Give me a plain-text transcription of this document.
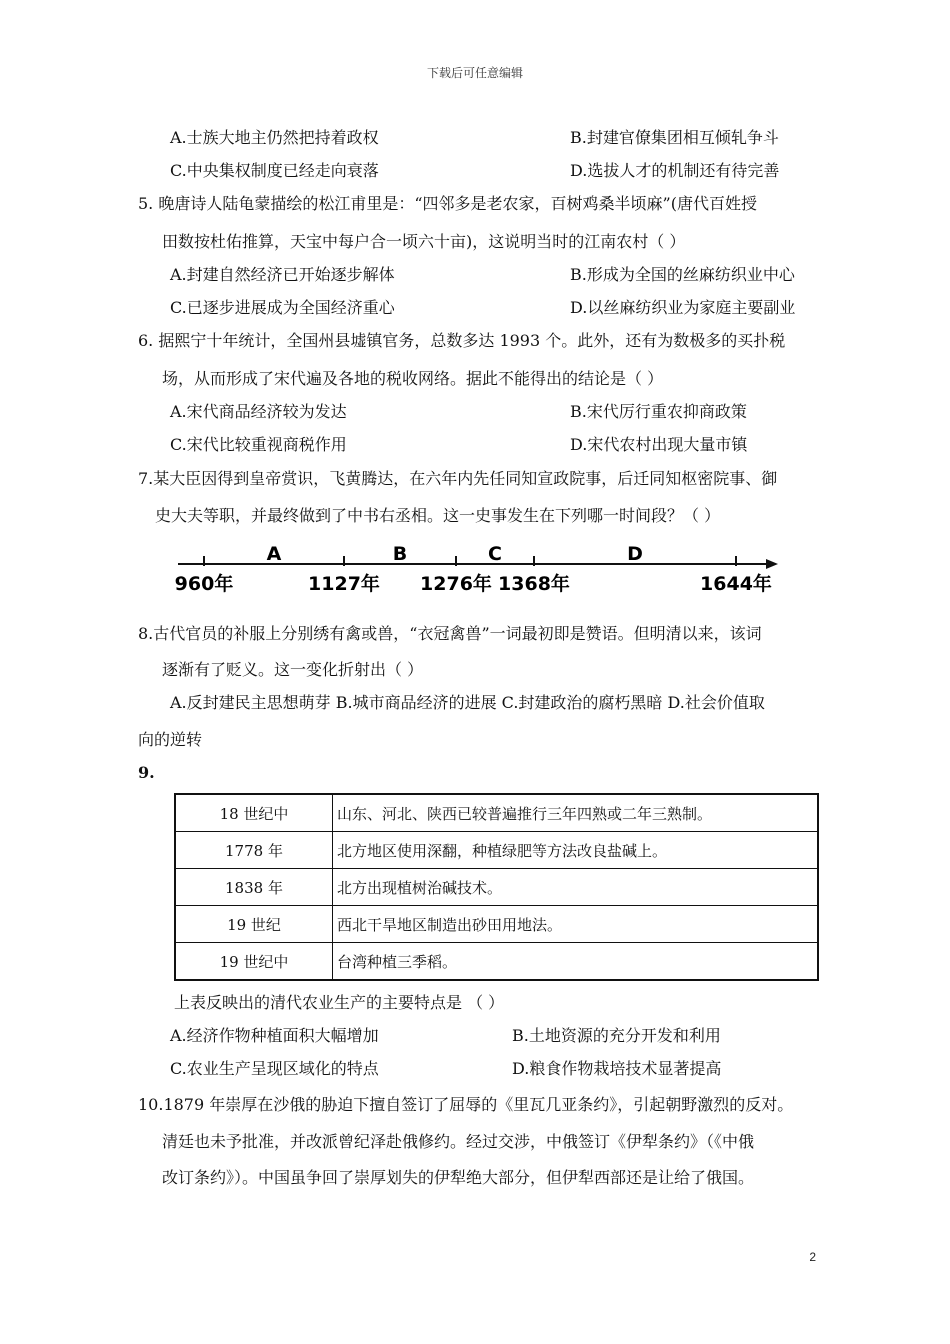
下载后可任意编辑
A.士族大地主仍然把持着政权	B.封建官僚集团相互倾轧争斗
C.中央集权制度已经走向衰落	D.选拔人才的机制还有待完善
5. 晚唐诗人陆龟蒙描绘的松江甫里是：“四邻多是老农家，百树鸡桑半顷麻”(唐代百姓授
田数按杜佑推算，天宝中每户合一顷六十亩)，这说明当时的江南农村（ ）
A.封建自然经济已开始逐步解体	B.形成为全国的丝麻纺织业中心
C.已逐步进展成为全国经济重心	D.以丝麻纺织业为家庭主要副业
6. 据熙宁十年统计，全国州县墟镇官务，总数多达 1993 个。此外，还有为数极多的买扑税
场，从而形成了宋代遍及各地的税收网络。据此不能得出的结论是（ ）
A.宋代商品经济较为发达	B.宋代厉行重农抑商政策
C.宋代比较重视商税作用	D.宋代农村出现大量市镇
7.某大臣因得到皇帝赏识，飞黄腾达，在六年内先任同知宣政院事，后迁同知枢密院事、御
史大夫等职，并最终做到了中书右丞相。这一史事发生在下列哪一时间段？（ ）
960年	1127年 1276年 1368年	1644年
A	B	C	D
8.古代官员的补服上分别绣有禽或兽，“衣冠禽兽”一词最初即是赞语。但明清以来，该词
逐渐有了贬义。这一变化折射出（ ）
A.反封建民主思想萌芽 B.城市商品经济的进展 C.封建政治的腐朽黑暗 D.社会价值取
向的逆转
9.
18 世纪中	山东、河北、陕西已较普遍推行三年四熟或二年三熟制。
1778 年	北方地区使用深翻，种植绿肥等方法改良盐碱上。
1838 年	北方出现植树治碱技术。
19 世纪	西北干旱地区制造出砂田用地法。
19 世纪中	台湾种植三季稻。
上表反映出的清代农业生产的主要特点是 （ ）
A.经济作物种植面积大幅增加	B.土地资源的充分开发和利用
C.农业生产呈现区域化的特点	D.粮食作物栽培技术显著提高
10.1879 年崇厚在沙俄的胁迫下擅自签订了屈辱的《里瓦几亚条约》，引起朝野激烈的反对。
清廷也未予批准，并改派曾纪泽赴俄修约。经过交涉，中俄签订《伊犁条约》（《中俄
改订条约》）。中国虽争回了崇厚划失的伊犁绝大部分，但伊犁西部还是让给了俄国。
2
